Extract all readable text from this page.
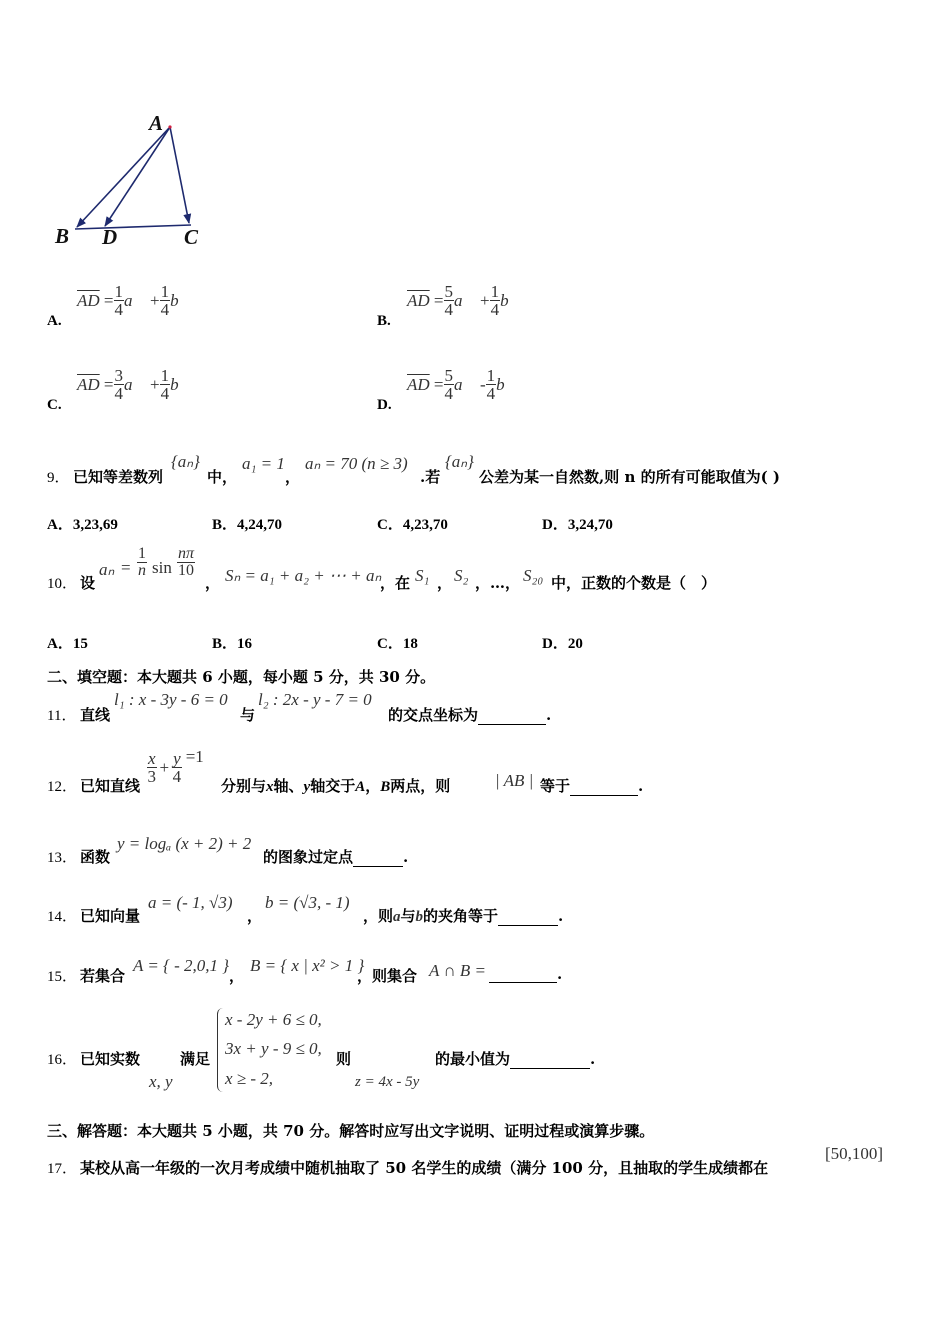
A
B D	C
A.
$\overline{AD} = \frac{1}{4}$ a⃗
+ $\frac{1}{4}$ b⃗
B.
$\overline{AD} = \frac{5}{4}$ a⃗
+ $\frac{1}{4}$ b⃗
C.
$\overline{AD} = \frac{3}{4}$ a⃗
+ $\frac{1}{4}$ b⃗
D.
$\overline{AD} = \frac{5}{4}$ a⃗
- $\frac{1}{4}$ b⃗
9． 已知等差数列
{aₙ}
中，
a₁ = 1
，
aₙ = 70 (n ≥ 3)
.若
{aₙ}
公差为某一自然数,则 n 的所有可能取值为( )
A．3,23,69	B．4,24,70	C．4,23,70	D．3,24,70
10． 设
$a_n = \frac{1}{n}$ $\sin \frac{n\pi}{10}$
， Sₙ = a₁ + a₂ + ⋯ + aₙ
，在 S₁ ， S₂ ，…， S₂₀ 中，正数的个数是（　）
A．15	B．16	C．18	D．20
二、填空题：本大题共 6 小题，每小题 5 分，共 30 分。
11． 直线
l₁ : x - 3y - 6 = 0
与
l₂ : 2x - y - 7 = 0
的交点坐标为	.
12． 已知直线
$\frac{x}{3} + \frac{y}{4} =1$
分别与x轴、y轴交于A，B两点，则	| AB | 等于	.
13． 函数
y = logₐ (x + 2) + 2
的图象过定点	.
14． 已知向量
a = (- 1, √3)
，
b = (√3, - 1)
，则a与b的夹角等于	.
15． 若集合
A = { - 2,0,1 }
，
B = { x | x² > 1 }
，则集合 A ∩ B =	.
16． 已知实数
x, y
满足
x - 2y + 6 ≤ 0,
3x + y - 9 ≤ 0,
x ≥ - 2,
则
z = 4x - 5y
的最小值为	.
三、解答题：本大题共 5 小题，共 70 分。解答时应写出文字说明、证明过程或演算步骤。
17． 某校从高一年级的一次月考成绩中随机抽取了 50 名学生的成绩（满分 100 分，且抽取的学生成绩都在
[50,100]
